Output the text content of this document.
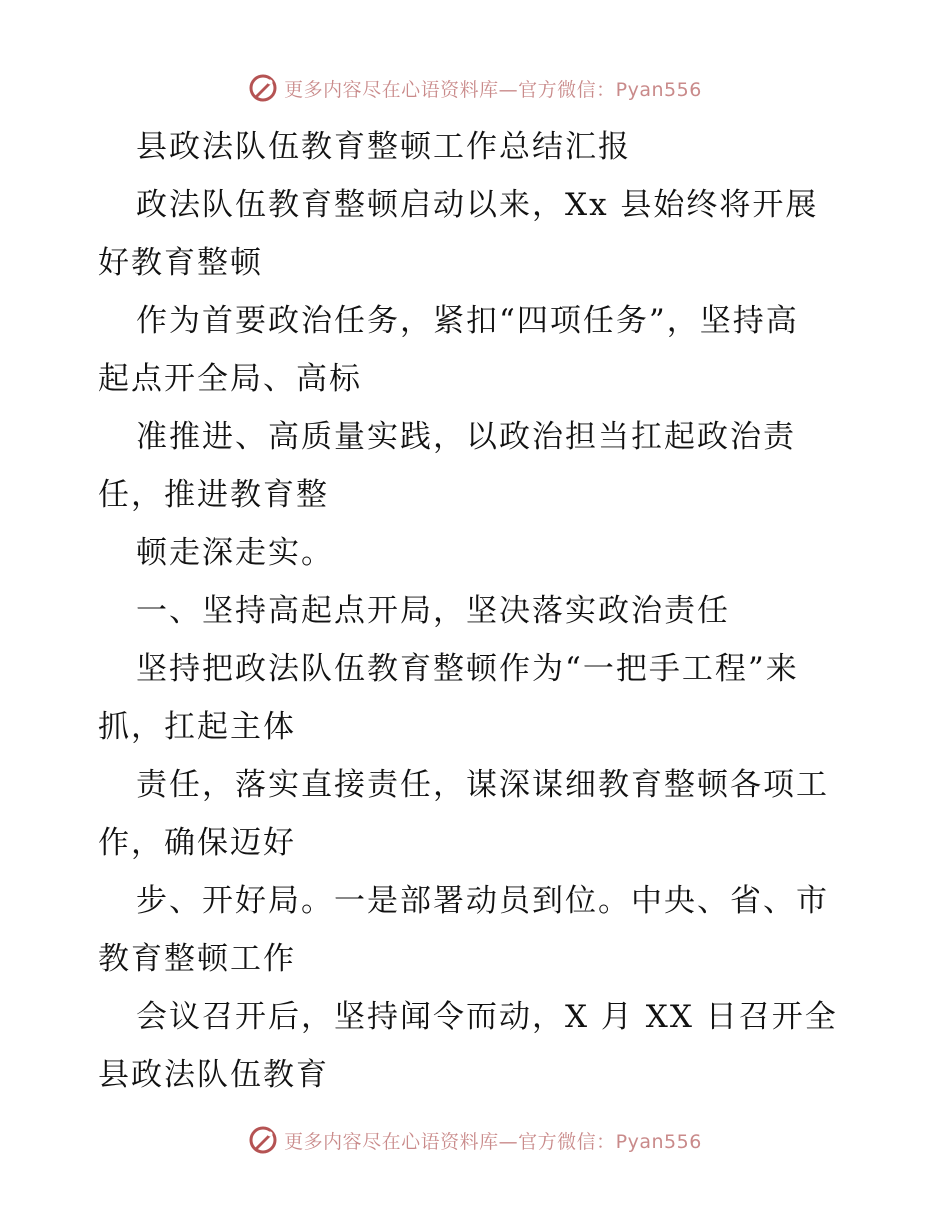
更多内容尽在心语资料库—官方微信：Pyan556
县政法队伍教育整顿工作总结汇报
政法队伍教育整顿启动以来，Xx 县始终将开展
好教育整顿
作为首要政治任务，紧扣“四项任务”，坚持高
起点开全局、高标
准推进、高质量实践，以政治担当扛起政治责
任，推进教育整
顿走深走实。
一、坚持高起点开局，坚决落实政治责任
坚持把政法队伍教育整顿作为“一把手工程”来
抓，扛起主体
责任，落实直接责任，谋深谋细教育整顿各项工
作，确保迈好
步、开好局。一是部署动员到位。中央、省、市
教育整顿工作
会议召开后，坚持闻令而动，X 月 XX 日召开全
县政法队伍教育
更多内容尽在心语资料库—官方微信：Pyan556
